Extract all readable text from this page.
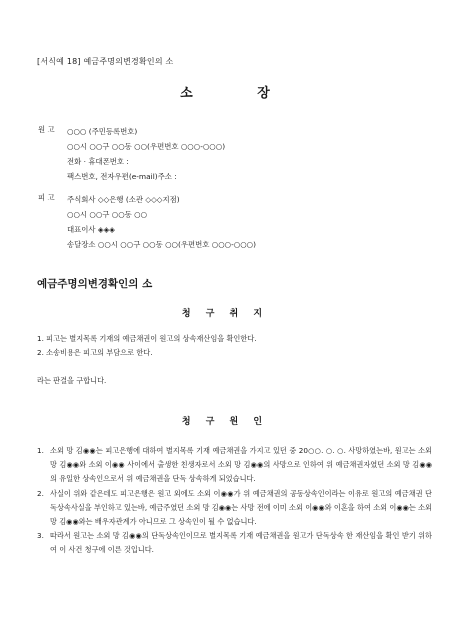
[서식예 18] 예금주명의변경확인의 소
소 장
원 고	○○○ (주민등록번호)
○○시 ○○구 ○○동 ○○(우편번호 ○○○-○○○)
전화 · 휴대폰번호 :
팩스번호, 전자우편(e-mail)주소 :
피 고	주식회사 ◇◇은행 (소관 ◇◇◇지점)
○○시 ○○구 ○○동 ○○
대표이사 ◈◈◈
송달장소 ○○시 ○○구 ○○동 ○○(우편번호 ○○○-○○○)
예금주명의변경확인의 소
청 구 취 지
1. 피고는 별지목록 기재의 예금채권이 원고의 상속재산임을 확인한다.
2. 소송비용은 피고의 부담으로 한다.
라는 판결을 구합니다.
청 구 원 인
1. 소외 망 김◉◉는 피고은행에 대하여 별지목록 기재 예금채권을 가지고 있던 중 20○○. ○. ○. 사망하였는바, 원고는 소외 망 김◉◉와 소외 이◉◉ 사이에서 출생한 친생자로서 소외 망 김◉◉의 사망으로 인하여 위 예금채권자였던 소외 망 김◉◉의 유일한 상속인으로서 위 예금채권을 단독 상속하게 되었습니다.
2. 사실이 위와 같은데도 피고은행은 원고 외에도 소외 이◉◉가 위 예금채권의 공동상속인이라는 이유로 원고의 예금채권 단독상속사실을 부인하고 있는바, 예금주였던 소외 망 김◉◉는 사망 전에 이미 소외 이◉◉와 이혼을 하여 소외 이◉◉는 소외 망 김◉◉와는 배우자관계가 아니므로 그 상속인이 될 수 없습니다.
3. 따라서 원고는 소외 망 김◉◉의 단독상속인이므로 별지목록 기재 예금채권을 원고가 단독상속 한 재산임을 확인 받기 위하여 이 사건 청구에 이른 것입니다.
